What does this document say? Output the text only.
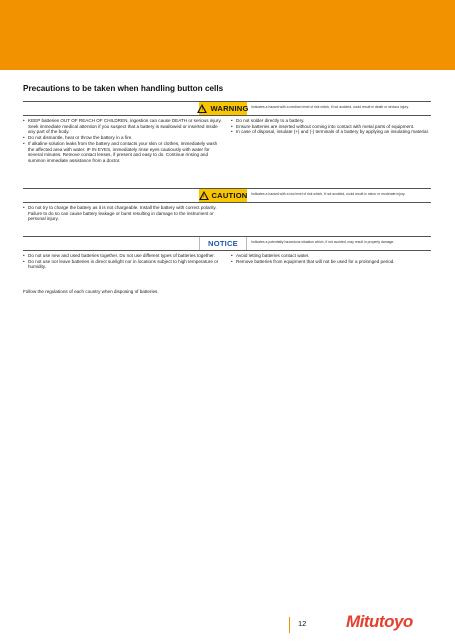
Precautions to be taken when handling button cells
! WARNING Indicates a hazard with a medium level of risk which, if not avoided, could result in death or serious injury.
• KEEP batteries OUT OF REACH OF CHILDREN, ingestion can cause DEATH or serious injury.
Seek immediate medical attention if you suspect that a battery is swallowed or inserted inside any part of the body.
• Do not dismantle, heat or throw the battery in a fire.
• If alkaline solution leaks from the battery and contacts your skin or clothes, immediately wash the affected area with water. IF IN EYES, immediately rinse eyes cautiously with water for several minutes. Remove contact lenses, if present and easy to do. Continue rinsing and summon immediate assistance from a doctor.
• Do not solder directly to a battery.
• Ensure batteries are inserted without coming into contact with metal parts of equipment.
• In case of disposal, insulate (+) and (-) terminals of a battery by applying an insulating material.
! CAUTION Indicates a hazard with a low level of risk which, if not avoided, could result in minor or moderate injury.
• Do not try to charge the battery as it is not chargeable. Install the battery with correct polarity. Failure to do so can cause battery leakage or burst resulting in damage to the instrument or personal injury.
NOTICE	Indicates a potentially hazardous situation which, if not avoided, may result in property damage.
• Do not use new and used batteries together. Do not use different types of batteries together.
• Do not use nor leave batteries in direct sunlight nor in locations subject to high temperature or humidity.
• Avoid letting batteries contact water.
• Remove batteries from equipment that will not be used for a prolonged period.
Follow the regulations of each country when disposing of batteries.
12 Mitutoyo
